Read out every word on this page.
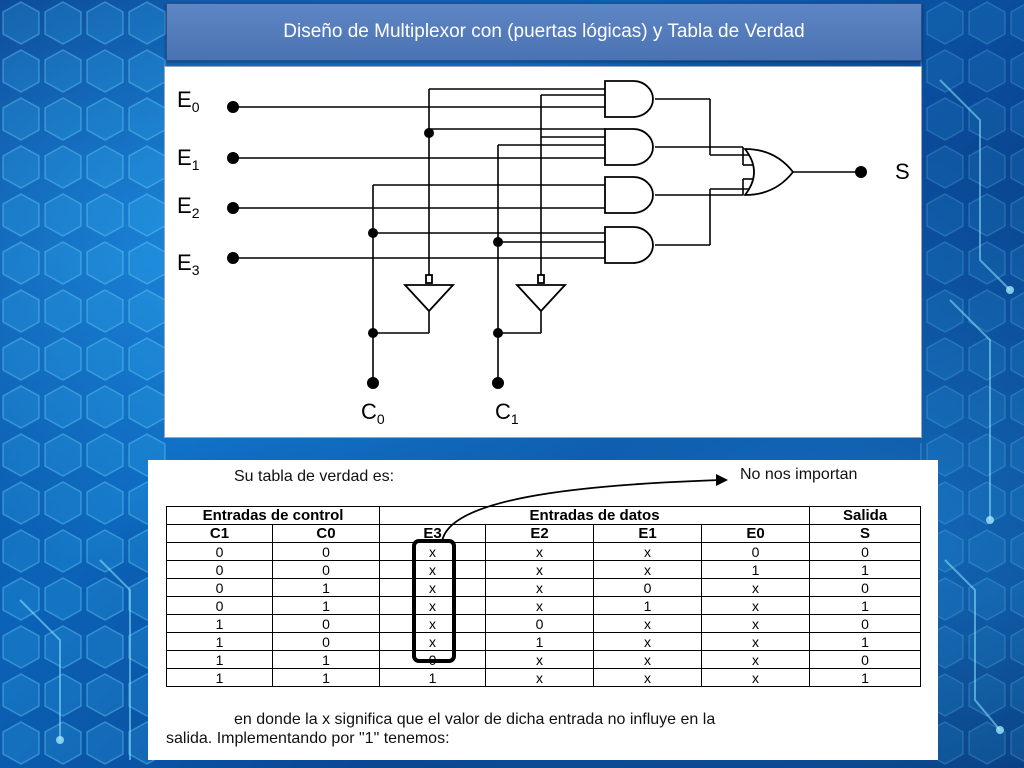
Diseño de Multiplexor con (puertas lógicas) y Tabla de Verdad
$E_0$
$E_1$
$E_2$
$E_3$
$C_0$	$C_1$
S
Su tabla de verdad es:	No nos importan
Entradas de control		Entradas de datos				Salida
C1	C0	E3	E2	E1	E0	S
0	0	x	x	x	0	0
0	0	x	x	x	1	1
0	1	x	x	0	x	0
0	1	x	x	1	x	1
1	0	x	0	x	x	0
1	0	x	1	x	x	1
1	1	0	x	x	x	0
1	1	1	x	x	x	1
en donde la x significa que el valor de dicha entrada no influye en la
salida. Implementando por "1" tenemos:
